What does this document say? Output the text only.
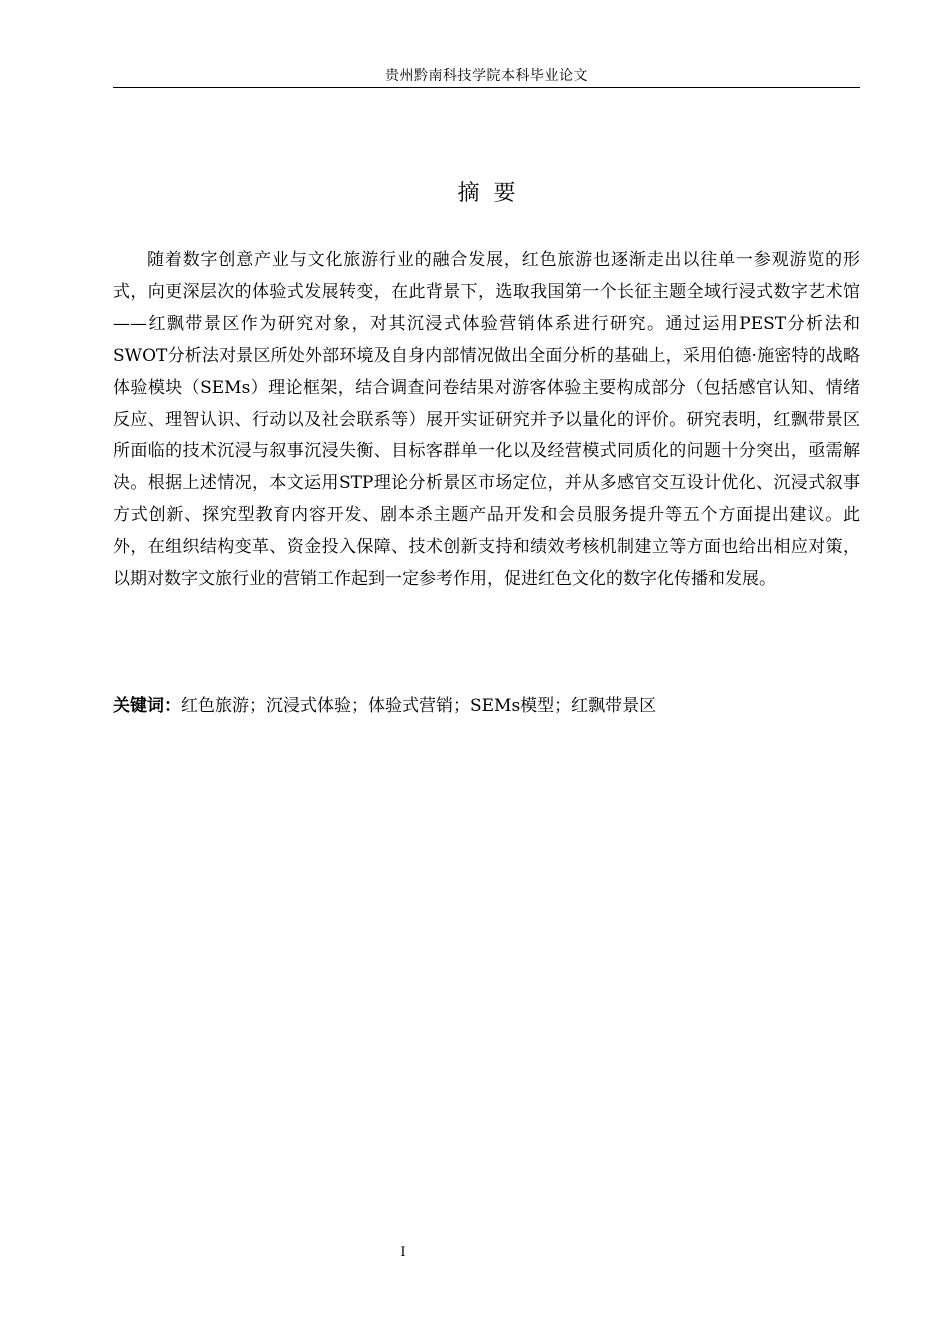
贵州黔南科技学院本科毕业论文
摘要

随着数字创意产业与文化旅游行业的融合发展，红色旅游也逐渐走出以往单一参观游览的形式，向更深层次的体验式发展转变，在此背景下，选取我国第一个长征主题全域行浸式数字艺术馆——红飘带景区作为研究对象，对其沉浸式体验营销体系进行研究。通过运用PEST分析法和SWOT分析法对景区所处外部环境及自身内部情况做出全面分析的基础上，采用伯德·施密特的战略体验模块（SEMs）理论框架，结合调查问卷结果对游客体验主要构成部分（包括感官认知、情绪反应、理智认识、行动以及社会联系等）展开实证研究并予以量化的评价。研究表明，红飘带景区所面临的技术沉浸与叙事沉浸失衡、目标客群单一化以及经营模式同质化的问题十分突出，亟需解决。根据上述情况，本文运用STP理论分析景区市场定位，并从多感官交互设计优化、沉浸式叙事方式创新、探究型教育内容开发、剧本杀主题产品开发和会员服务提升等五个方面提出建议。此外，在组织结构变革、资金投入保障、技术创新支持和绩效考核机制建立等方面也给出相应对策，以期对数字文旅行业的营销工作起到一定参考作用，促进红色文化的数字化传播和发展。

关键词：红色旅游；沉浸式体验；体验式营销；SEMs模型；红飘带景区

I
